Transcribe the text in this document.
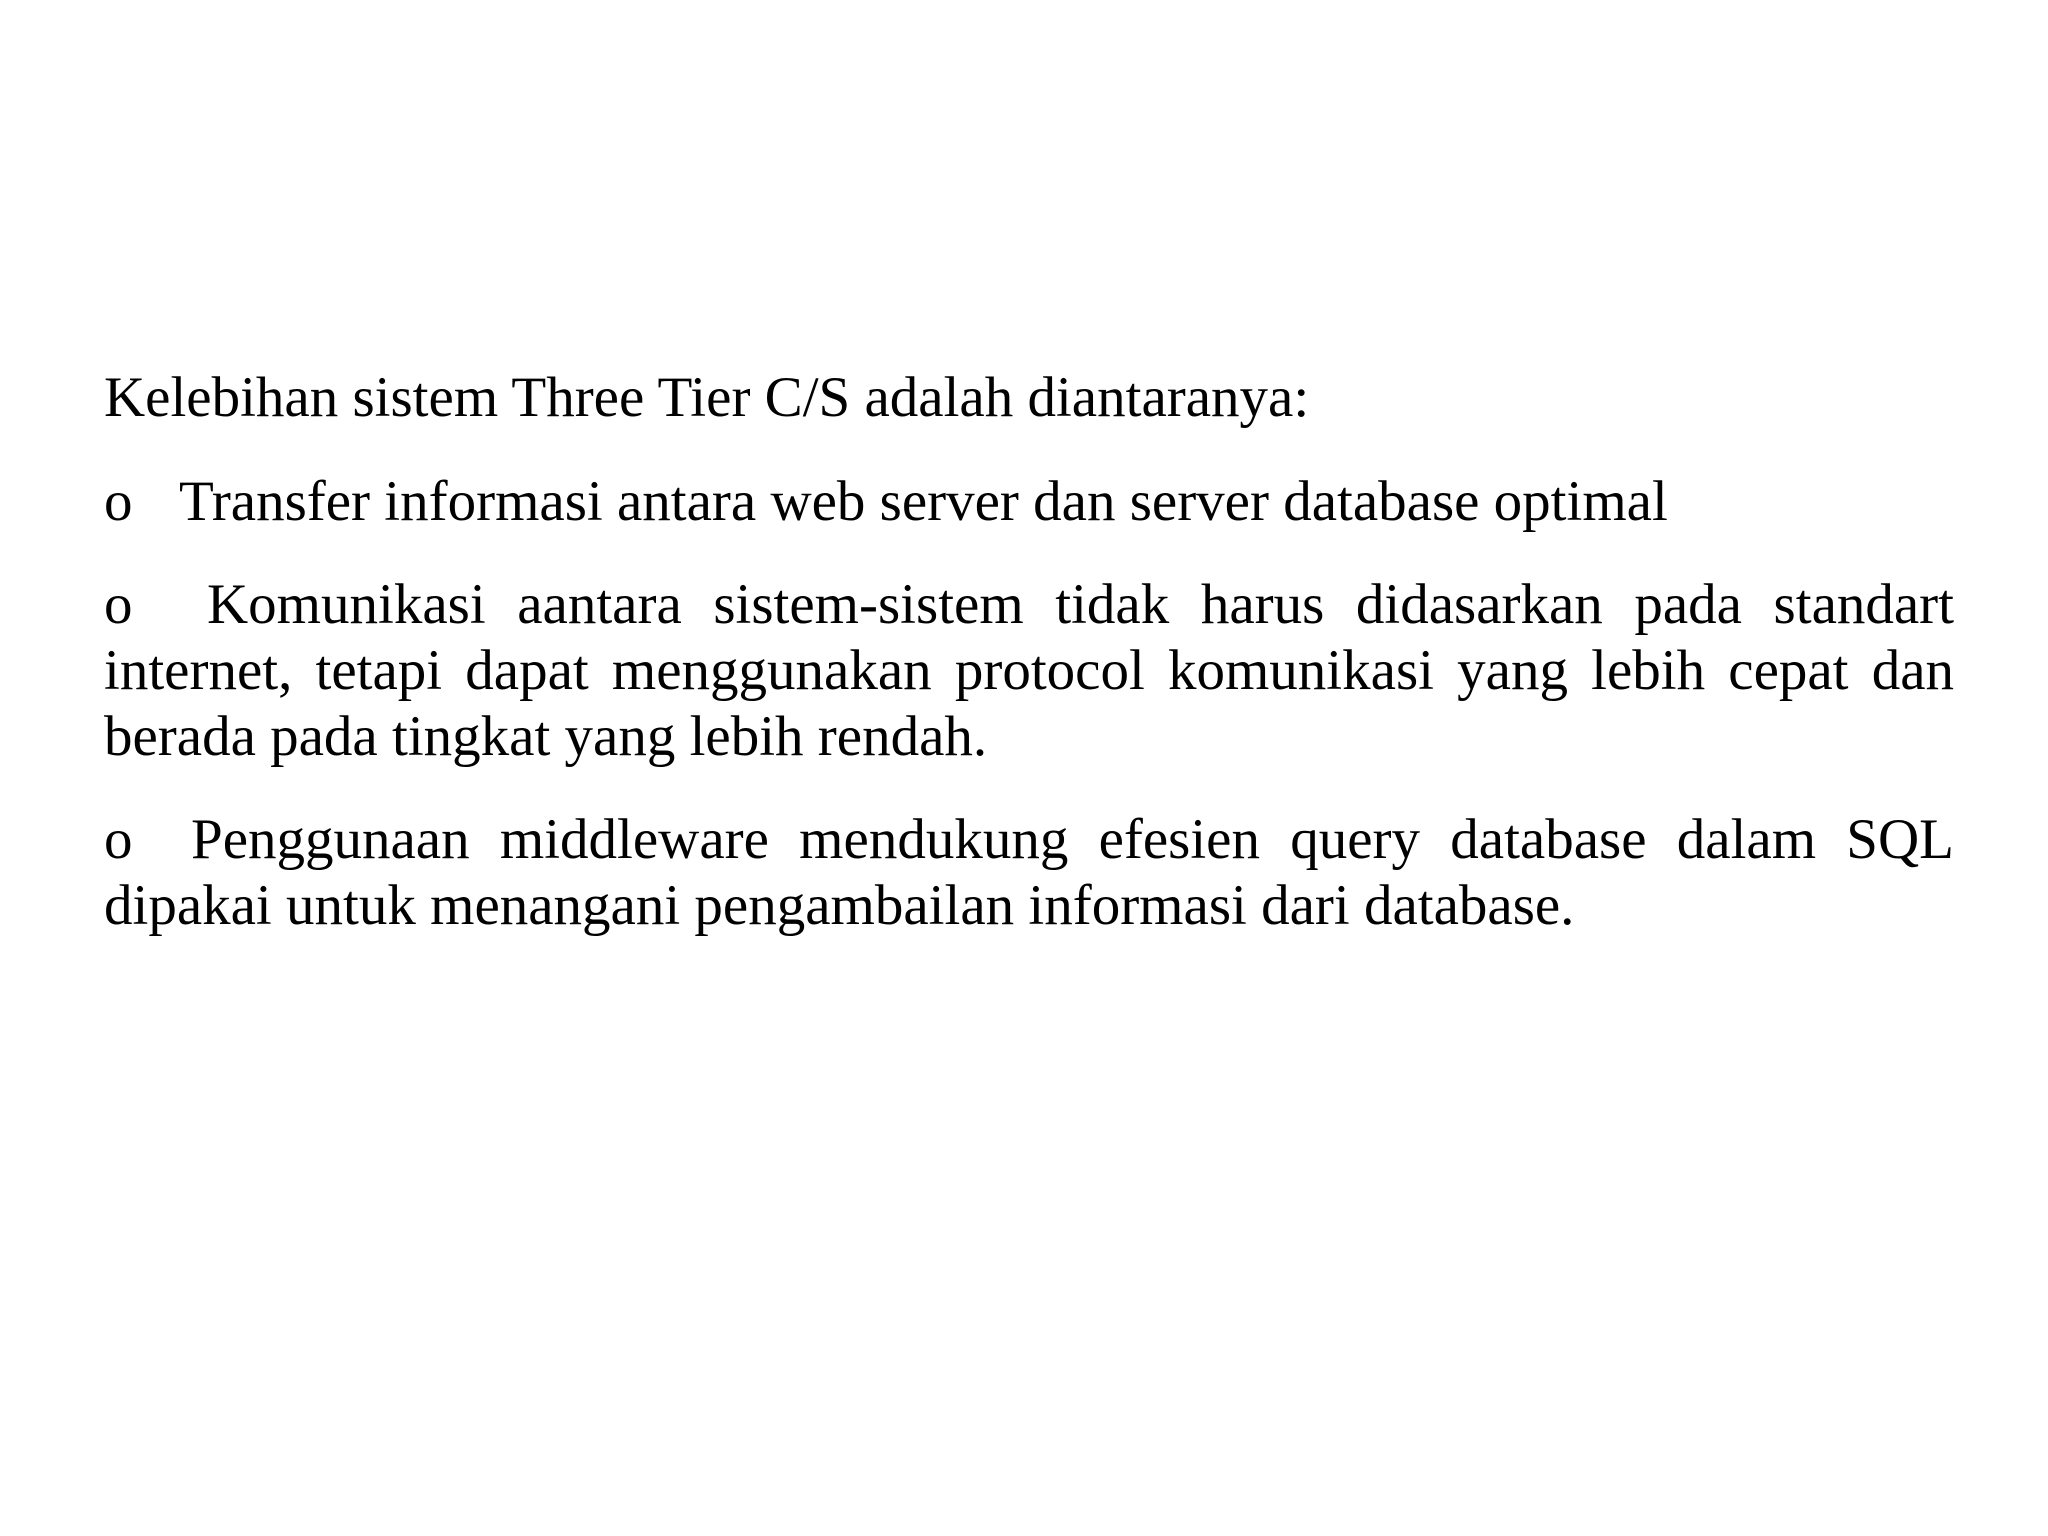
Kelebihan sistem Three Tier C/S adalah diantaranya:

o Transfer informasi antara web server dan server database optimal

o Komunikasi aantara sistem-sistem tidak harus didasarkan pada standart internet, tetapi dapat menggunakan protocol komunikasi yang lebih cepat dan berada pada tingkat yang lebih rendah.

o Penggunaan middleware mendukung efesien query database dalam SQL dipakai untuk menangani pengambailan informasi dari database.
